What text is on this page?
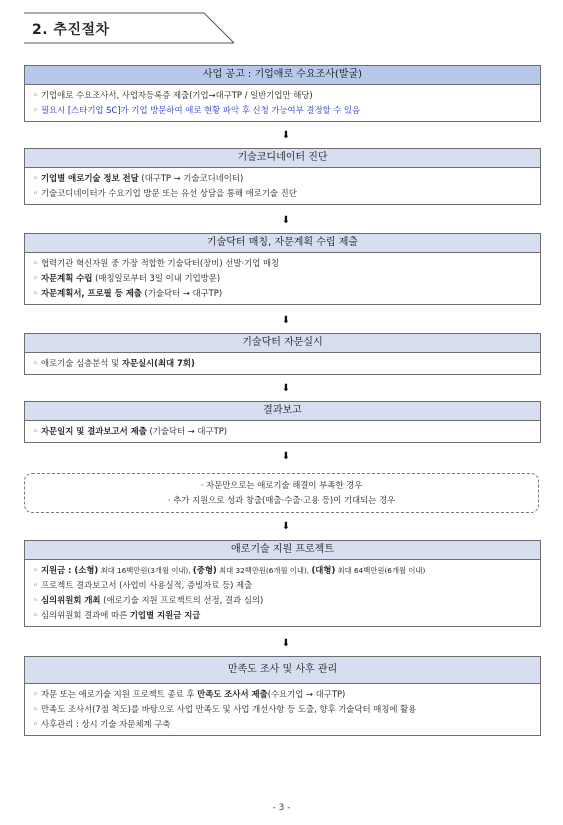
2. 추진절차
사업 공고 : 기업애로 수요조사(발굴)
◦ 기업애로 수요조사서, 사업자등록증 제출(기업→대구TP / 일반기업만 해당)
◦ 필요시 [스타기업 SC]가 기업 방문하여 애로 현황 파악 후 신청 가능여부 결정할 수 있음
⬇
기술코디네이터 진단
◦ 기업별 애로기술 정보 전달 (대구TP → 기술코디네이터)
◦ 기술코디네이터가 수요기업 방문 또는 유선 상담을 통해 애로기술 진단
⬇
기술닥터 매칭, 자문계획 수립 제출
◦ 협력기관 혁신자원 중 가장 적합한 기술닥터(장비) 선발·기업 매칭
◦ 자문계획 수립 (매칭일로부터 3일 이내 기업방문)
◦ 자문계획서, 프로필 등 제출 (기술닥터 → 대구TP)
⬇
기술닥터 자문실시
◦ 애로기술 심층분석 및 자문실시(최대 7회)
⬇
결과보고
◦ 자문일지 및 결과보고서 제출 (기술닥터 → 대구TP)
⬇
· 자문만으로는 애로기술 해결이 부족한 경우
· 추가 지원으로 성과 창출(매출·수출·고용 등)이 기대되는 경우
⬇
애로기술 지원 프로젝트
◦ 지원금 : (소형) 최대 16백만원(3개월 이내), (중형) 최대 32백만원(6개월 이내), (대형) 최대 64백만원(6개월 이내)
◦ 프로젝트 결과보고서 (사업비 사용실적, 증빙자료 등) 제출
◦ 심의위원회 개최 (애로기술 지원 프로젝트의 선정, 결과 심의)
◦ 심의위원회 결과에 따른 기업별 지원금 지급
⬇
만족도 조사 및 사후 관리
◦ 자문 또는 애로기술 지원 프로젝트 종료 후 만족도 조사서 제출(수요기업 → 대구TP)
◦ 만족도 조사서(7점 척도)를 바탕으로 사업 만족도 및 사업 개선사항 등 도출, 향후 기술닥터 매칭에 활용
◦ 사후관리 : 상시 기술 자문체계 구축
- 3 -
